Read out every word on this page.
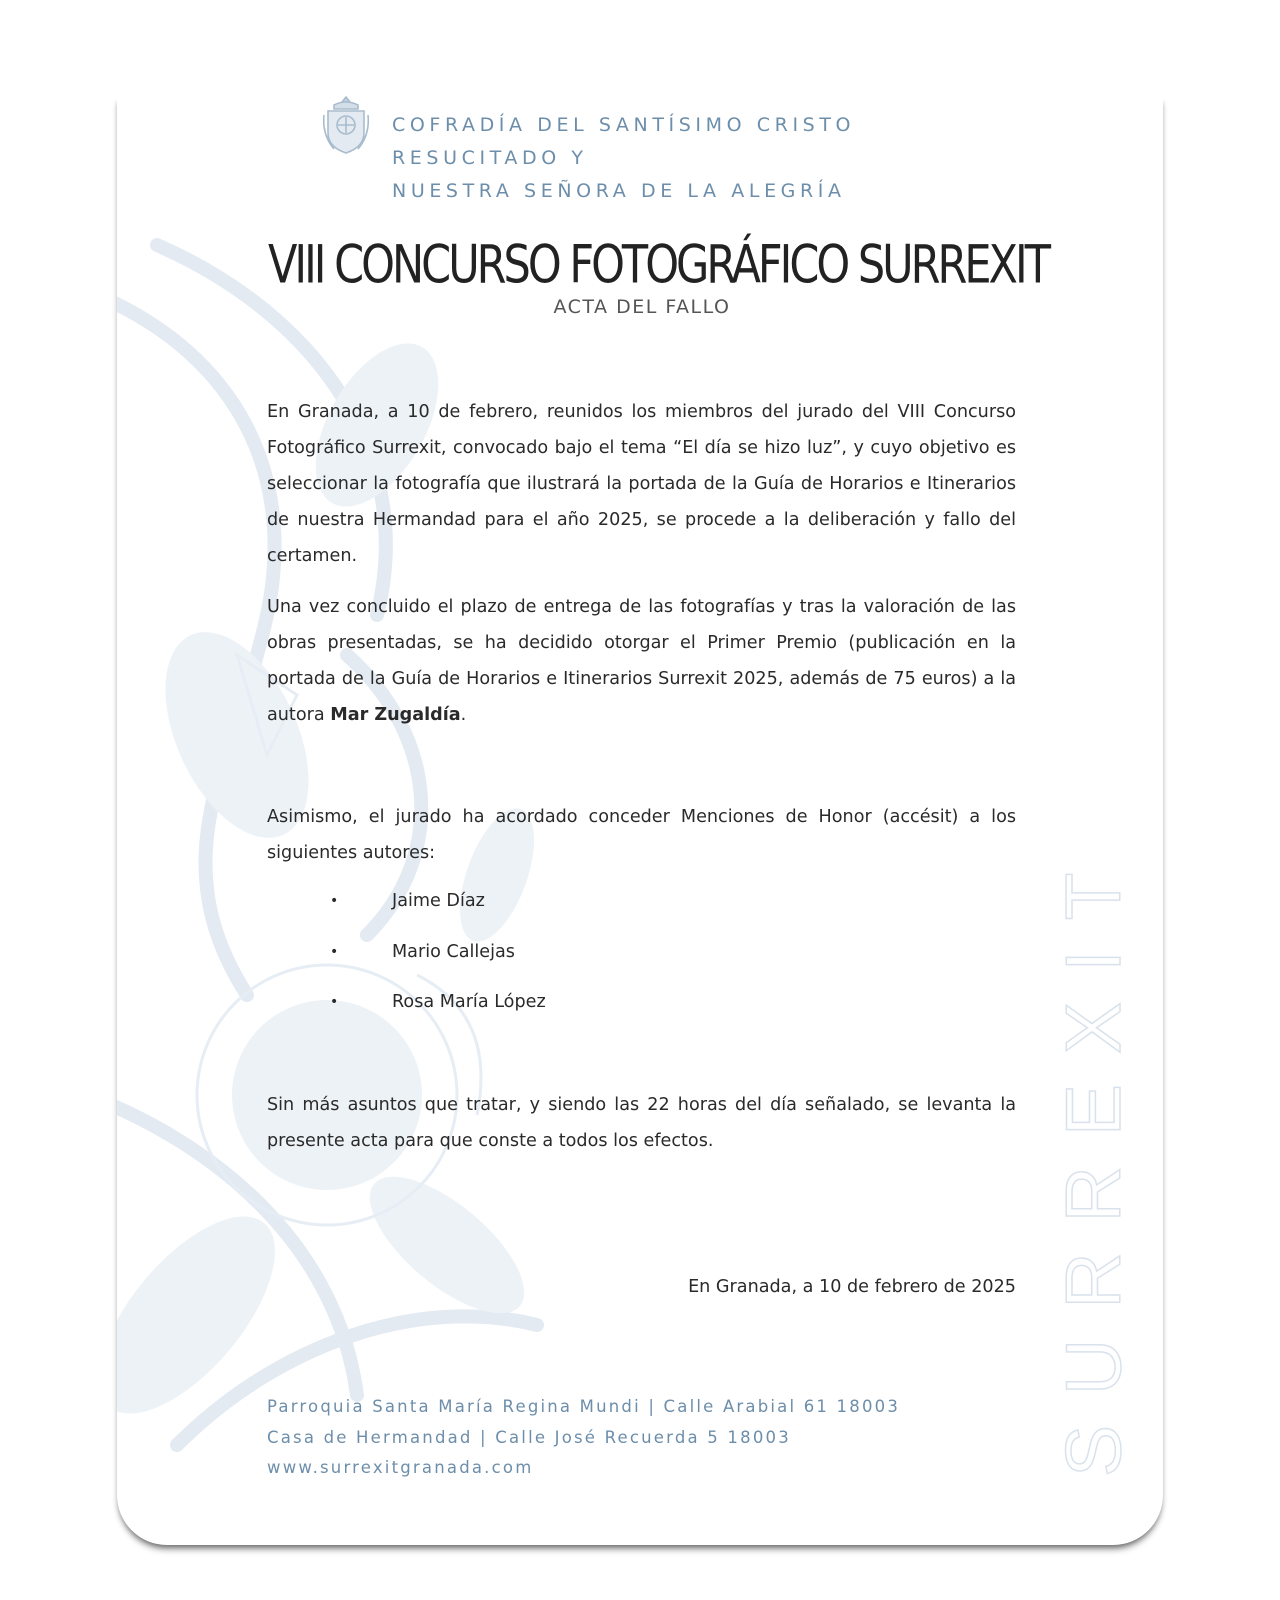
SURREXIT
COFRADÍA DEL SANTÍSIMO CRISTO RESUCITADO Y
NUESTRA SEÑORA DE LA ALEGRÍA
VIII CONCURSO FOTOGRÁFICO SURREXIT
ACTA DEL FALLO

En Granada, a 10 de febrero, reunidos los miembros del jurado del VIII Concurso Fotográfico Surrexit, convocado bajo el tema “El día se hizo luz”, y cuyo objetivo es seleccionar la fotografía que ilustrará la portada de la Guía de Horarios e Itinerarios de nuestra Hermandad para el año 2025, se procede a la deliberación y fallo del certamen.

Una vez concluido el plazo de entrega de las fotografías y tras la valoración de las obras presentadas, se ha decidido otorgar el Primer Premio (publicación en la portada de la Guía de Horarios e Itinerarios Surrexit 2025, además de 75 euros) a la autora Mar Zugaldía.

Asimismo, el jurado ha acordado conceder Menciones de Honor (accésit) a los siguientes autores:

•	Jaime Díaz
•	Mario Callejas
•	Rosa María López

Sin más asuntos que tratar, y siendo las 22 horas del día señalado, se levanta la presente acta para que conste a todos los efectos.

En Granada, a 10 de febrero de 2025
Parroquia Santa María Regina Mundi | Calle Arabial 61 18003
Casa de Hermandad | Calle José Recuerda 5 18003
www.surrexitgranada.com
